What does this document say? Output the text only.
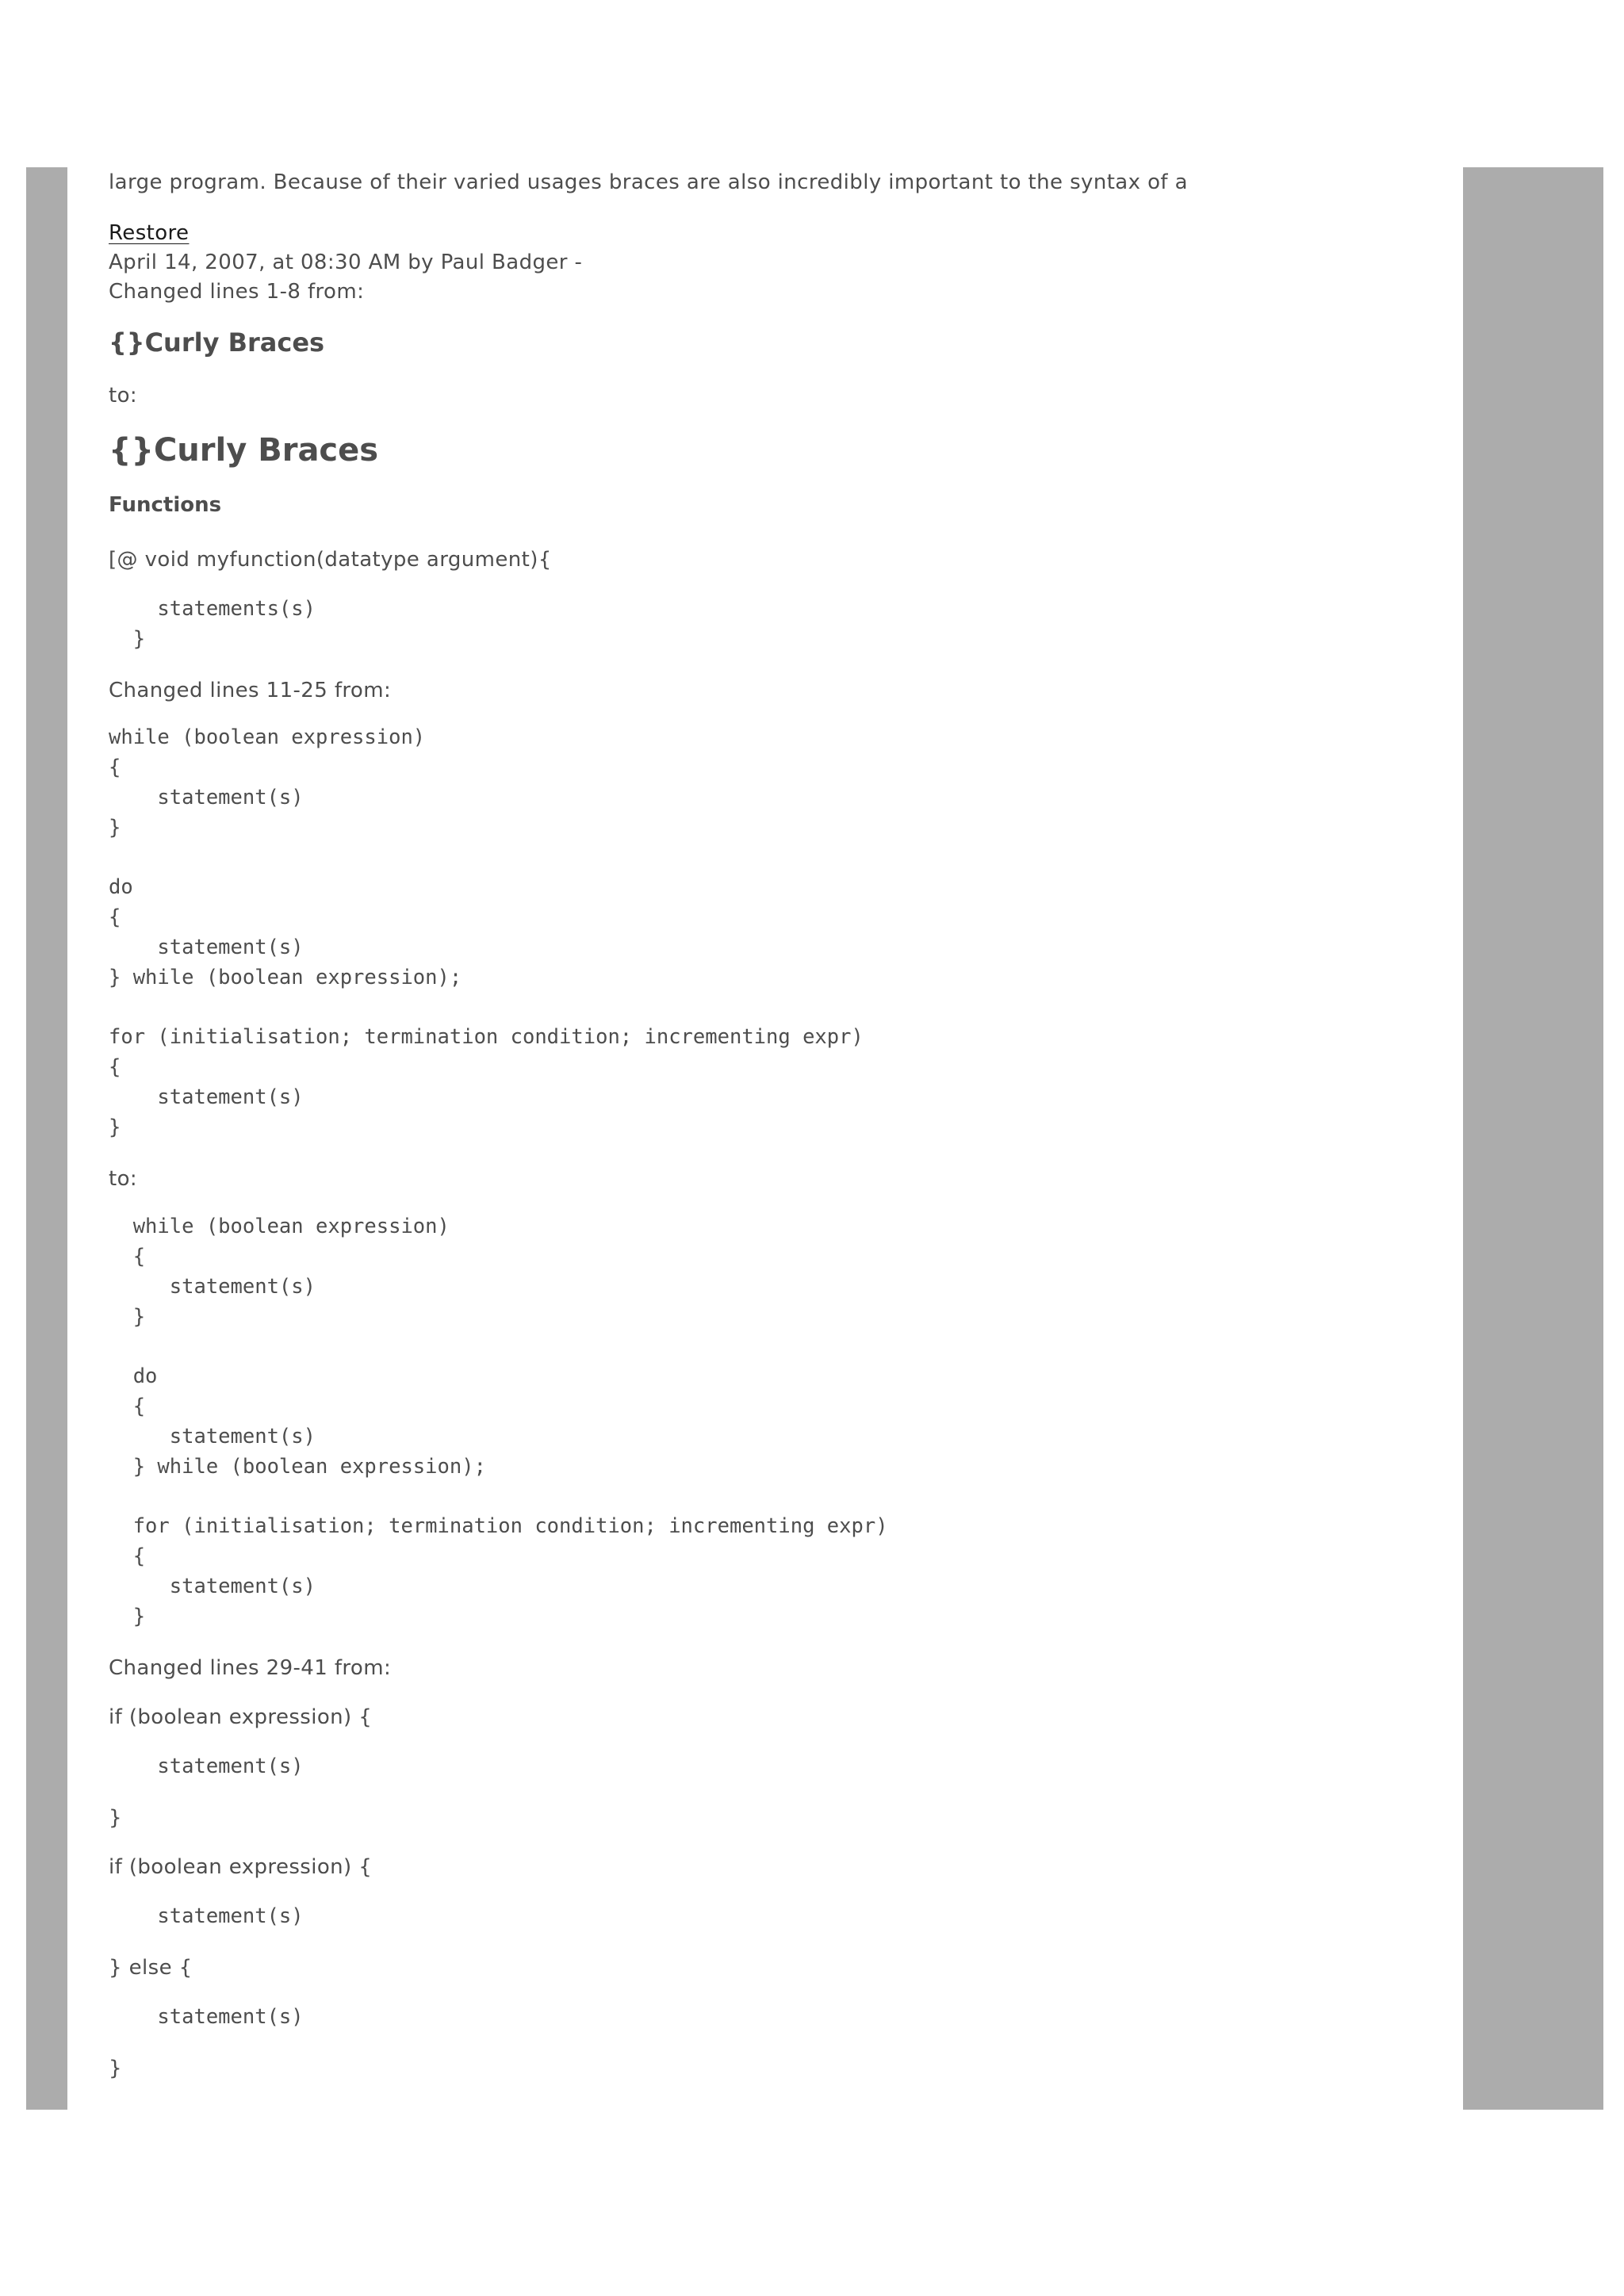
large program. Because of their varied usages braces are also incredibly important to the syntax of a
Restore
April 14, 2007, at 08:30 AM by Paul Badger -
Changed lines 1-8 from:
{}Curly Braces
to:
{}Curly Braces
Functions
[@ void myfunction(datatype argument){
statements(s)
}
Changed lines 11-25 from:
while (boolean expression)
{
statement(s)
}
do
{
statement(s)
} while (boolean expression);
for (initialisation; termination condition; incrementing expr)
{
statement(s)
}
to:
while (boolean expression)
{
statement(s)
}
do
{
statement(s)
} while (boolean expression);
for (initialisation; termination condition; incrementing expr)
{
statement(s)
}
Changed lines 29-41 from:
if (boolean expression) {
statement(s)
}
if (boolean expression) {
statement(s)
} else {
statement(s)
}
